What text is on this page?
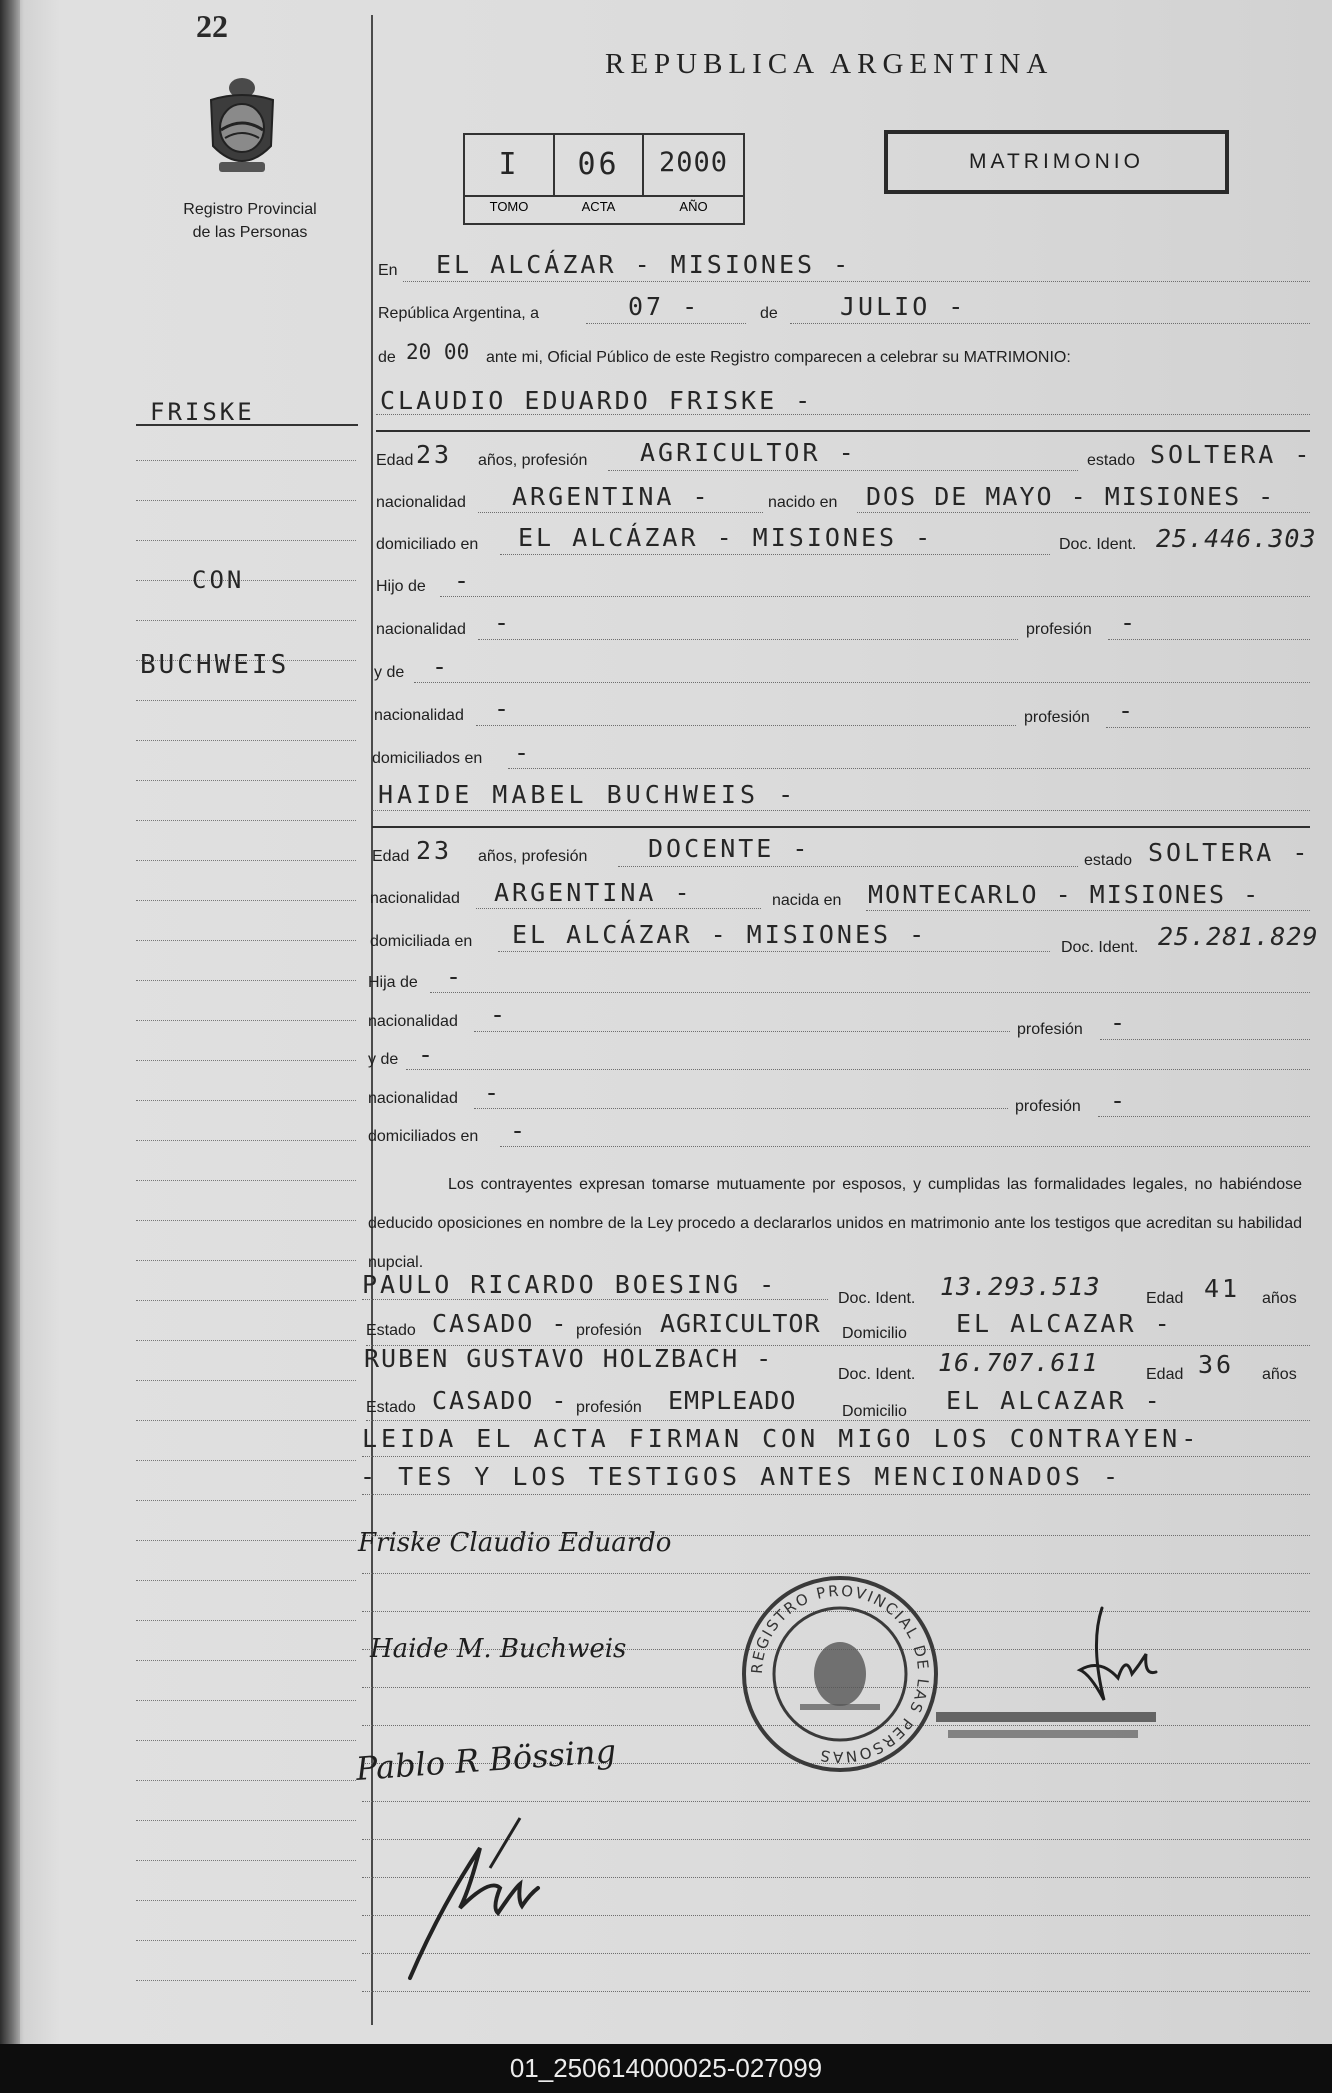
22
Registro Provincial
de las Personas
REPUBLICA ARGENTINA
I	06	2000
TOMO	ACTA	AÑO
MATRIMONIO
FRISKE
CON
BUCHWEIS
En EL ALCÁZAR - MISIONES -
República Argentina, a	07 -	de JULIO -
de 20 00 ante mi, Oficial Público de este Registro comparecen a celebrar su MATRIMONIO:
CLAUDIO EDUARDO FRISKE -
Edad 23 años, profesión AGRICULTOR -	estado SOLTERA -
nacionalidad ARGENTINA -	nacido en DOS DE MAYO - MISIONES -
domiciliado en EL ALCÁZAR - MISIONES -	Doc. Ident. 25.446.303
Hijo de -
nacionalidad -	profesión -
y de -
nacionalidad -	profesión -
domiciliados en -
HAIDE MABEL BUCHWEIS -
Edad 23 años, profesión DOCENTE -	estado SOLTERA -
nacionalidad ARGENTINA -	nacida en MONTECARLO - MISIONES -
domiciliada en EL ALCÁZAR - MISIONES -	Doc. Ident. 25.281.829
Hija de -
nacionalidad -
profesión -
y de -
nacionalidad -	profesión -
domiciliados en -
Los contrayentes expresan tomarse mutuamente por esposos, y cumplidas las formalidades legales, no habiéndose deducido oposiciones en nombre de la Ley procedo a declararlos unidos en matrimonio ante los testigos que acreditan su habilidad nupcial.
PAULO RICARDO BOESING -	Doc. Ident. 13.293.513	Edad 41 años
Estado CASADO - profesión AGRICULTOR Domicilio EL ALCAZAR -
RUBEN GUSTAVO HOLZBACH -
Doc. Ident. 16.707.611	Edad 36 años
Estado CASADO - profesión EMPLEADO	Domicilio EL ALCAZAR -
LEIDA EL ACTA FIRMAN CON MIGO LOS CONTRAYEN-
- TES Y LOS TESTIGOS ANTES MENCIONADOS -
Friske Claudio Eduardo
Haide M. Buchweis
Pablo R Bössing
REGISTRO PROVINCIAL DE LAS PERSONAS
01_250614000025-027099
